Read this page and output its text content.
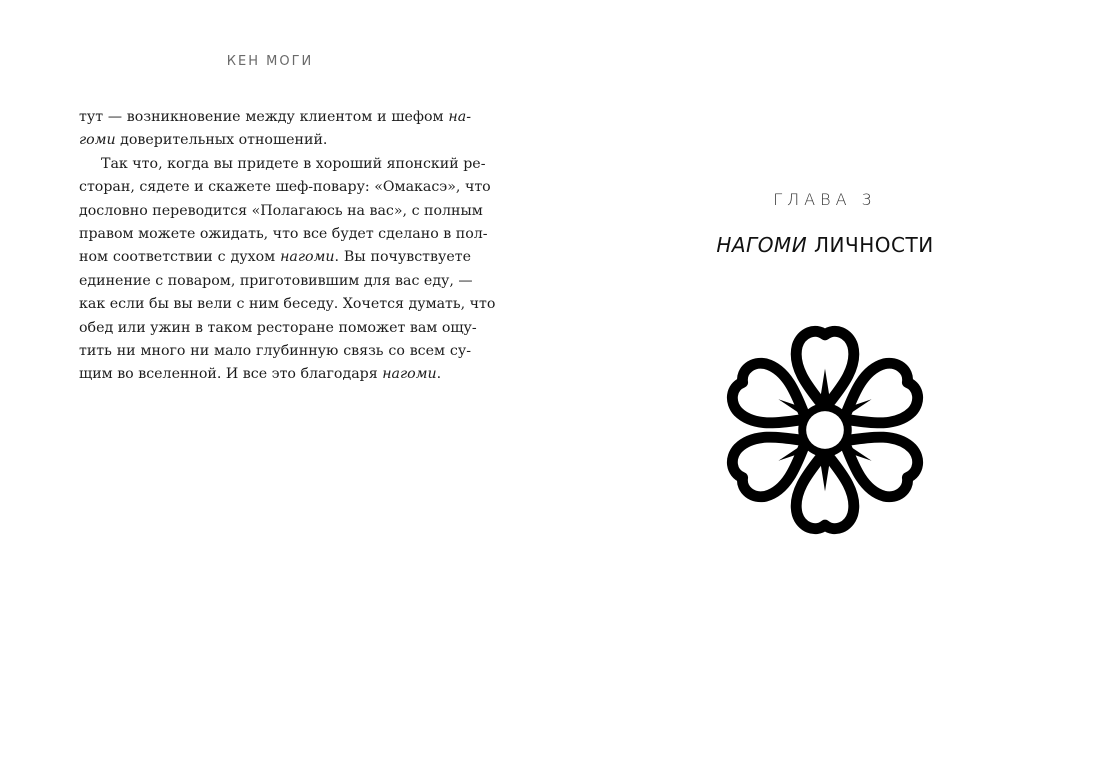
КЕН МОГИ

тут — возникновение между клиентом и шефом на-
гоми доверительных отношений.

Так что, когда вы придете в хороший японский ре-
сторан, сядете и скажете шеф-повару: «Омакасэ», что
дословно переводится «Полагаюсь на вас», с полным
правом можете ожидать, что все будет сделано в пол-
ном соответствии с духом нагоми. Вы почувствуете
единение с поваром, приготовившим для вас еду, —
как если бы вы вели с ним беседу. Хочется думать, что
обед или ужин в таком ресторане поможет вам ощу-
тить ни много ни мало глубинную связь со всем су-
щим во вселенной. И все это благодаря нагоми.

ГЛАВА 3
НАГОМИ ЛИЧНОСТИ
